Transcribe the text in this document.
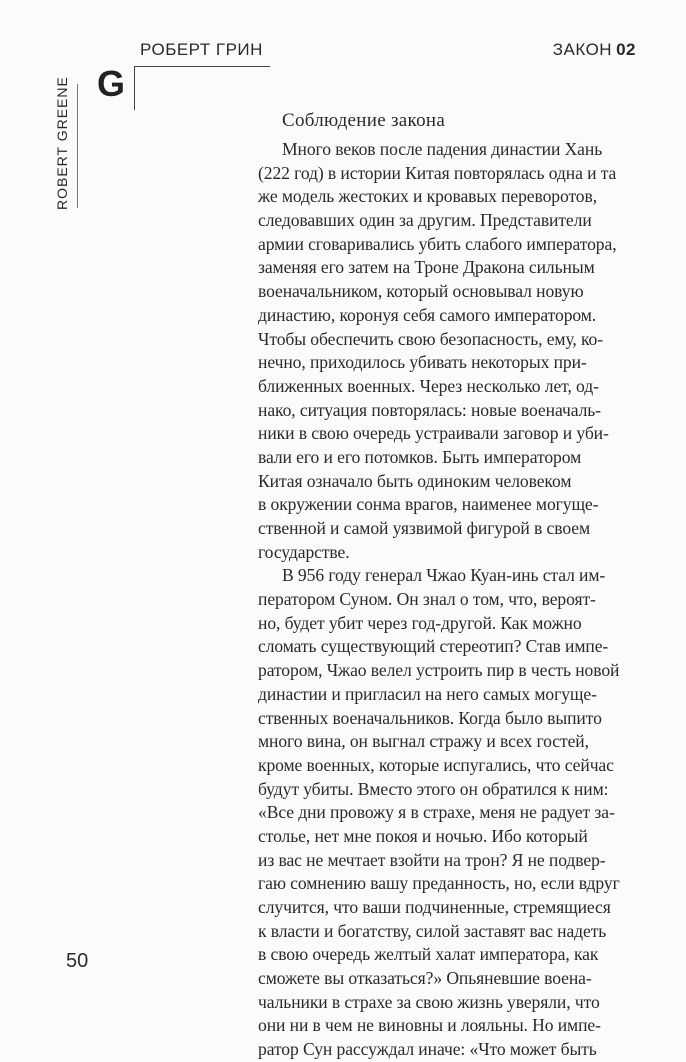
РОБЕРТ ГРИН	ЗАКОН 02
G
ROBERT GREENE	Соблюдение закона
Много веков после падения династии Хань
(222 год) в истории Китая повторялась одна и та
же модель жестоких и кровавых переворотов,
следовавших один за другим. Представители
армии сговаривались убить слабого императора,
заменяя его затем на Троне Дракона сильным
военачальником, который основывал новую
династию, коронуя себя самого императором.
Чтобы обеспечить свою безопасность, ему, ко-
нечно, приходилось убивать некоторых при-
ближенных военных. Через несколько лет, од-
нако, ситуация повторялась: новые военачаль-
ники в свою очередь устраивали заговор и уби-
вали его и его потомков. Быть императором
Китая означало быть одиноким человеком
в окружении сонма врагов, наименее могуще-
ственной и самой уязвимой фигурой в своем
государстве.
В 956 году генерал Чжао Куан-инь стал им-
ператором Суном. Он знал о том, что, вероят-
но, будет убит через год-другой. Как можно
сломать существующий стереотип? Став импе-
ратором, Чжао велел устроить пир в честь новой
династии и пригласил на него самых могуще-
ственных военачальников. Когда было выпито
много вина, он выгнал стражу и всех гостей,
кроме военных, которые испугались, что сейчас
будут убиты. Вместо этого он обратился к ним:
«Все дни провожу я в страхе, меня не радует за-
столье, нет мне покоя и ночью. Ибо который
из вас не мечтает взойти на трон? Я не подвер-
гаю сомнению вашу преданность, но, если вдруг
случится, что ваши подчиненные, стремящиеся
к власти и богатству, силой заставят вас надеть
в свою очередь желтый халат императора, как
сможете вы отказаться?» Опьяневшие воена-
чальники в страхе за свою жизнь уверяли, что
они ни в чем не виновны и лояльны. Но импе-
ратор Сун рассуждал иначе: «Что может быть
50
